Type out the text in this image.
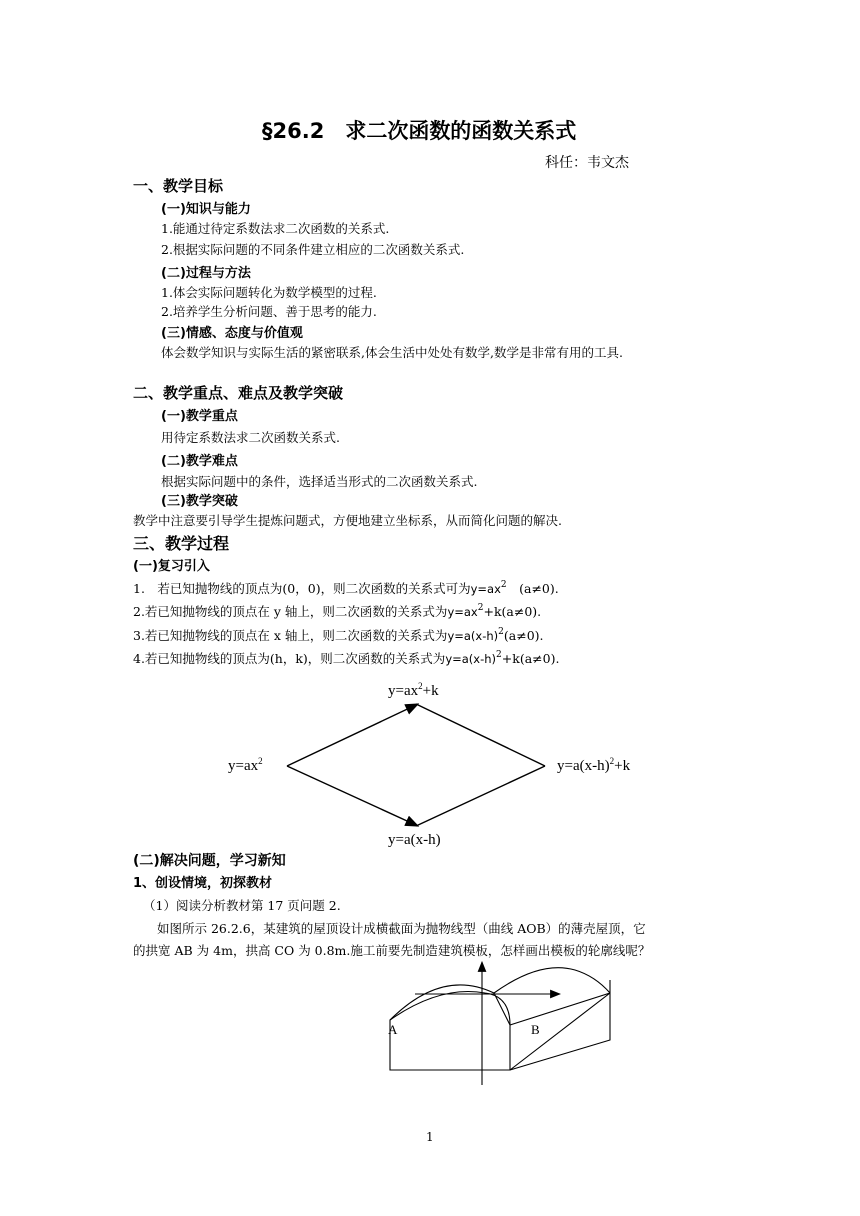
§26.2　求二次函数的函数关系式
科任：韦文杰
一、教学目标
(一)知识与能力
1.能通过待定系数法求二次函数的关系式.
2.根据实际问题的不同条件建立相应的二次函数关系式.
(二)过程与方法
1.体会实际问题转化为数学模型的过程.
2.培养学生分析问题、善于思考的能力.
(三)情感、态度与价值观
体会数学知识与实际生活的紧密联系,体会生活中处处有数学,数学是非常有用的工具.
二、教学重点、难点及教学突破
(一)教学重点
用待定系数法求二次函数关系式.
(二)教学难点
根据实际问题中的条件，选择适当形式的二次函数关系式.
(三)教学突破
教学中注意要引导学生提炼问题式，方便地建立坐标系，从而简化问题的解决.
三、教学过程
(一)复习引入
1.　若已知抛物线的顶点为(0，0)，则二次函数的关系式可为$y=ax^2$　(a≠0).
2.若已知抛物线的顶点在 y 轴上，则二次函数的关系式为$y=ax^2+k(a\ne 0)$.
3.若已知抛物线的顶点在 x 轴上，则二次函数的关系式为$y=a(x-h)^2(a\ne 0)$.
4.若已知抛物线的顶点为(h，k)，则二次函数的关系式为$y=a(x-h)^2+k(a\ne 0)$.
$y=ax^2+k$
$y=ax^2$	$y=a(x-h)^2+k$
y=a(x-h)
(二)解决问题，学习新知
1、创设情境，初探教材
（1）阅读分析教材第 17 页问题 2.
如图所示 26.2.6，某建筑的屋顶设计成横截面为抛物线型（曲线 AOB）的薄壳屋顶，它
的拱宽 AB 为 4m，拱高 CO 为 0.8m.施工前要先制造建筑模板，怎样画出模板的轮廓线呢？
A	B
1
